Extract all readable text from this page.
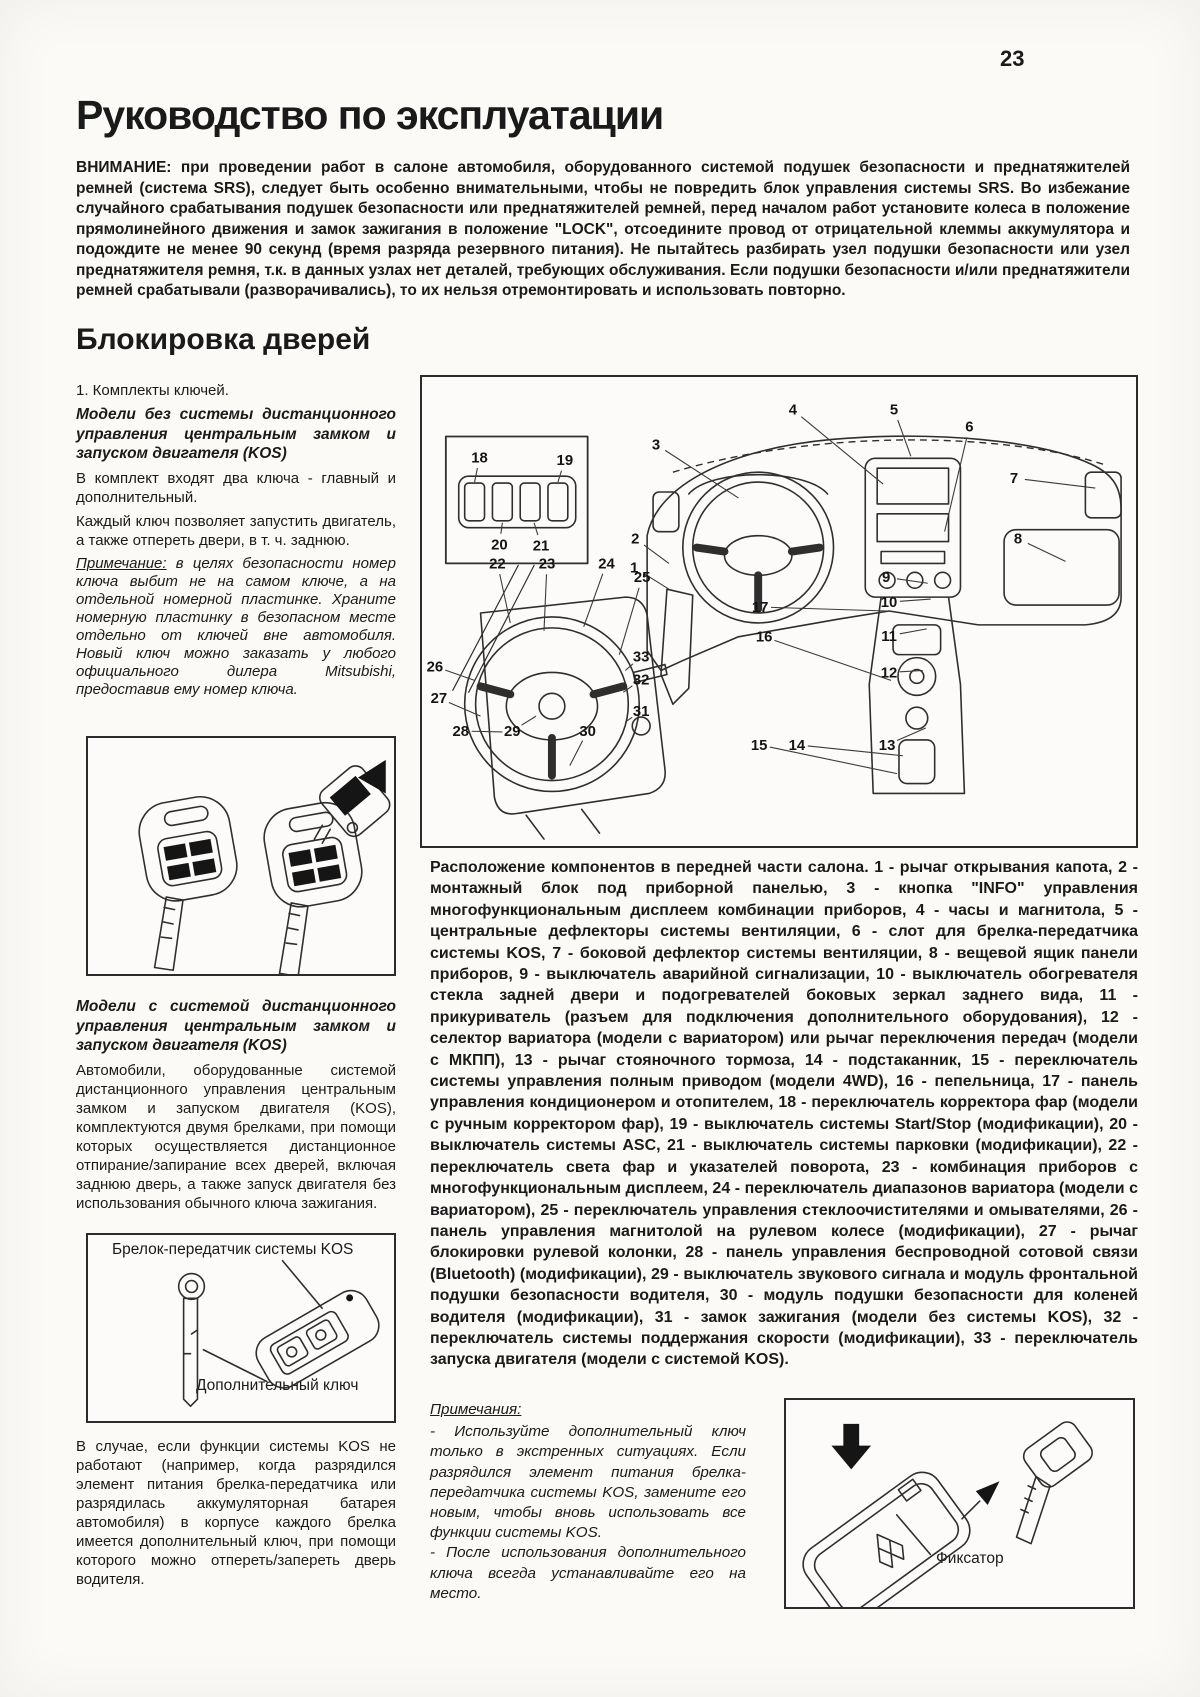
23
Руководство по эксплуатации

ВНИМАНИЕ: при проведении работ в салоне автомобиля, оборудованного системой подушек безопасности и преднатяжителей ремней (система SRS), следует быть особенно внимательными, чтобы не повредить блок управления системы SRS. Во избежание случайного срабатывания подушек безопасности или преднатяжителей ремней, перед началом работ установите колеса в положение прямолинейного движения и замок зажигания в положение "LOCK", отсоедините провод от отрицательной клеммы аккумулятора и подождите не менее 90 секунд (время разряда резервного питания). Не пытайтесь разбирать узел подушки безопасности или узел преднатяжителя ремня, т.к. в данных узлах нет деталей, требующих обслуживания. Если подушки безопасности и/или преднатяжители ремней срабатывали (разворачивались), то их нельзя отремонтировать и использовать повторно.

Блокировка дверей

1. Комплекты ключей.

Модели без системы дистанционного управления центральным замком и запуском двигателя (KOS)

В комплект входят два ключа - главный и дополнительный.

Каждый ключ позволяет запустить двигатель, а также отпереть двери, в т. ч. заднюю.

Примечание: в целях безопасности номер ключа выбит не на самом ключе, а на отдельной номерной пластинке. Храните номерную пластинку в безопасном месте отдельно от ключей вне автомобиля. Новый ключ можно заказать у любого официального дилера Mitsubishi, предоставив ему номер ключа.

Модели с системой дистанционного управления центральным замком и запуском двигателя (KOS)

Автомобили, оборудованные системой дистанционного управления центральным замком и запуском двигателя (KOS), комплектуются двумя брелками, при помощи которых осуществляется дистанционное отпирание/запирание всех дверей, включая заднюю дверь, а также запуск двигателя без использования обычного ключа зажигания.

Брелок-передатчик системы KOS
Дополнительный ключ

В случае, если функции системы KOS не работают (например, когда разрядился элемент питания брелка-передатчика или разрядилась аккумуляторная батарея автомобиля) в корпусе каждого брелка имеется дополнительный ключ, при помощи которого можно отпереть/запереть дверь водителя.

1
2
3
4	5
6
7
8
9
10
11
12
13
14
15
16
17
18	19
20 21
22 23	24
25
26
27
28 29	30
31
32
33

Расположение компонентов в передней части салона. 1 - рычаг открывания капота, 2 - монтажный блок под приборной панелью, 3 - кнопка "INFO" управления многофункциональным дисплеем комбинации приборов, 4 - часы и магнитола, 5 - центральные дефлекторы системы вентиляции, 6 - слот для брелка-передатчика системы KOS, 7 - боковой дефлектор системы вентиляции, 8 - вещевой ящик панели приборов, 9 - выключатель аварийной сигнализации, 10 - выключатель обогревателя стекла задней двери и подогревателей боковых зеркал заднего вида, 11 - прикуриватель (разъем для подключения дополнительного оборудования), 12 - селектор вариатора (модели с вариатором) или рычаг переключения передач (модели с МКПП), 13 - рычаг стояночного тормоза, 14 - подстаканник, 15 - переключатель системы управления полным приводом (модели 4WD), 16 - пепельница, 17 - панель управления кондиционером и отопителем, 18 - переключатель корректора фар (модели с ручным корректором фар), 19 - выключатель системы Start/Stop (модификации), 20 - выключатель системы ASC, 21 - выключатель системы парковки (модификации), 22 - переключатель света фар и указателей поворота, 23 - комбинация приборов с многофункциональным дисплеем, 24 - переключатель диапазонов вариатора (модели с вариатором), 25 - переключатель управления стеклоочистителями и омывателями, 26 - панель управления магнитолой на рулевом колесе (модификации), 27 - рычаг блокировки рулевой колонки, 28 - панель управления беспроводной сотовой связи (Bluetooth) (модификации), 29 - выключатель звукового сигнала и модуль фронтальной подушки безопасности водителя, 30 - модуль подушки безопасности для коленей водителя (модификации), 31 - замок зажигания (модели без системы KOS), 32 - переключатель системы поддержания скорости (модификации), 33 - переключатель запуска двигателя (модели с системой KOS).

Примечания:

- Используйте дополнительный ключ только в экстренных ситуациях. Если разрядился элемент питания брелка-передатчика системы KOS, замените его новым, чтобы вновь использовать все функции системы KOS.

- После использования дополнительного ключа всегда устанавливайте его на место.

Фиксатор
